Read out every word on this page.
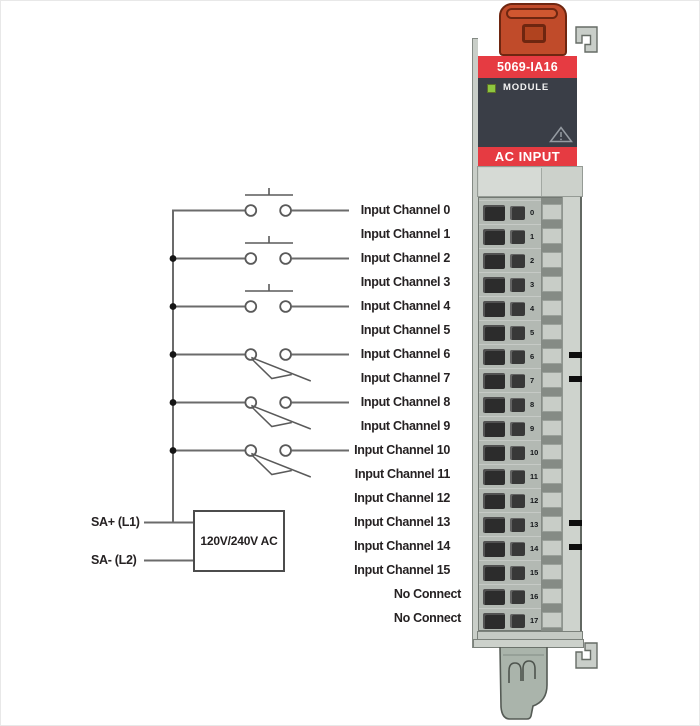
Input Channel 0
Input Channel 1
Input Channel 2
Input Channel 3
Input Channel 4
Input Channel 5
Input Channel 6
Input Channel 7
Input Channel 8
Input Channel 9
Input Channel 10
Input Channel 11
Input Channel 12
Input Channel 13
Input Channel 14
Input Channel 15
No Connect
No Connect
SA+ (L1)
SA- (L2)
120V/240V AC
5069-IA16
MODULE
AC INPUT
0
1
2
3
4
5
6
7
8
9
10
11
12
13
14
15
16
17
